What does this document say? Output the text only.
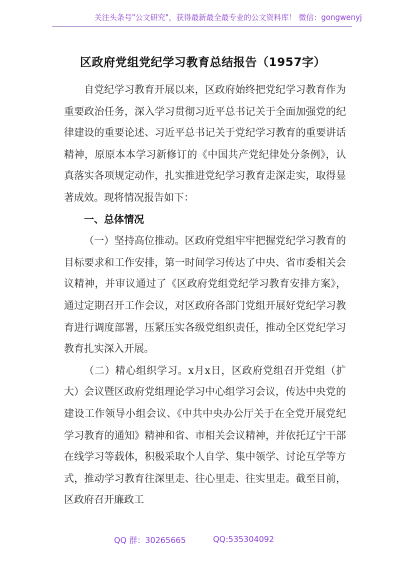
关注头条号"公文研究"，获得最新最全最专业的公文资料库！ 微信：gongwenyj
区政府党组党纪学习教育总结报告（1957字）

自党纪学习教育开展以来，区政府始终把党纪学习教育作为重要政治任务，深入学习贯彻习近平总书记关于全面加强党的纪律建设的重要论述、习近平总书记关于党纪学习教育的重要讲话精神，原原本本学习新修订的《中国共产党纪律处分条例》，认真落实各项规定动作，扎实推进党纪学习教育走深走实，取得显著成效。现将情况报告如下：

一、总体情况

（一）坚持高位推动。区政府党组牢牢把握党纪学习教育的目标要求和工作安排，第一时间学习传达了中央、省市委相关会议精神，并审议通过了《区政府党组党纪学习教育安排方案》，通过定期召开工作会议，对区政府各部门党组开展好党纪学习教育进行调度部署，压紧压实各级党组织责任，推动全区党纪学习教育扎实深入开展。

（二）精心组织学习。x月x日，区政府党组召开党组（扩大）会议暨区政府党组理论学习中心组学习会议，传达中央党的建设工作领导小组会议、《中共中央办公厅关于在全党开展党纪学习教育的通知》精神和省、市相关会议精神，并依托辽宁干部在线学习等载体，积极采取个人自学、集中领学、讨论互学等方式，推动学习教育往深里走、往心里走、往实里走。截至目前，区政府召开廉政工

QQ 群：30265665	QQ:535304092
